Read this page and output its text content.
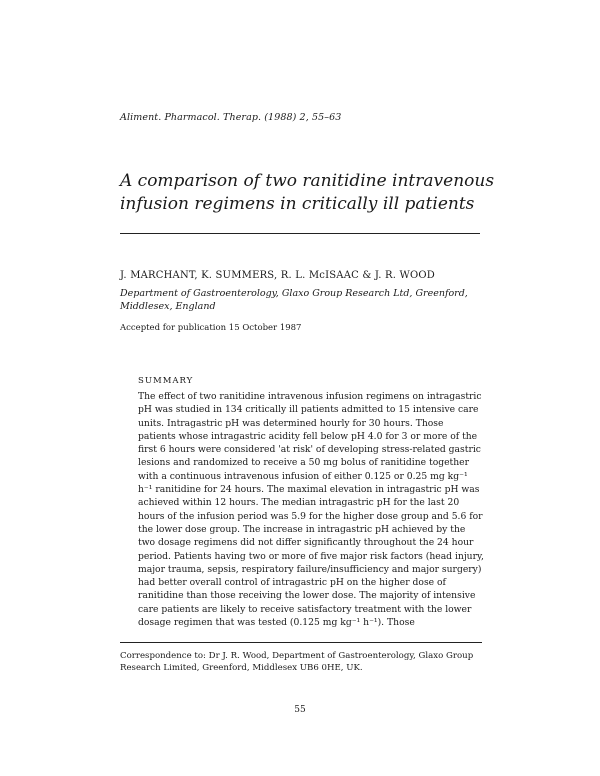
Aliment. Pharmacol. Therap. (1988) 2, 55–63

A comparison of two ranitidine intravenous infusion regimens in critically ill patients

J. MARCHANT, K. SUMMERS, R. L. McISAAC & J. R. WOOD

Department of Gastroenterology, Glaxo Group Research Ltd, Greenford, Middlesex, England

Accepted for publication 15 October 1987

SUMMARY

The effect of two ranitidine intravenous infusion regimens on intragastric pH was studied in 134 critically ill patients admitted to 15 intensive care units. Intragastric pH was determined hourly for 30 hours. Those patients whose intragastric acidity fell below pH 4.0 for 3 or more of the first 6 hours were considered 'at risk' of developing stress-related gastric lesions and randomized to receive a 50 mg bolus of ranitidine together with a continuous intravenous infusion of either 0.125 or 0.25 mg kg⁻¹ h⁻¹ ranitidine for 24 hours. The maximal elevation in intragastric pH was achieved within 12 hours. The median intragastric pH for the last 20 hours of the infusion period was 5.9 for the higher dose group and 5.6 for the lower dose group. The increase in intragastric pH achieved by the two dosage regimens did not differ significantly throughout the 24 hour period. Patients having two or more of five major risk factors (head injury, major trauma, sepsis, respiratory failure/insufficiency and major surgery) had better overall control of intragastric pH on the higher dose of ranitidine than those receiving the lower dose. The majority of intensive care patients are likely to receive satisfactory treatment with the lower dosage regimen that was tested (0.125 mg kg⁻¹ h⁻¹). Those

Correspondence to: Dr J. R. Wood, Department of Gastroenterology, Glaxo Group Research Limited, Greenford, Middlesex UB6 0HE, UK.

55
